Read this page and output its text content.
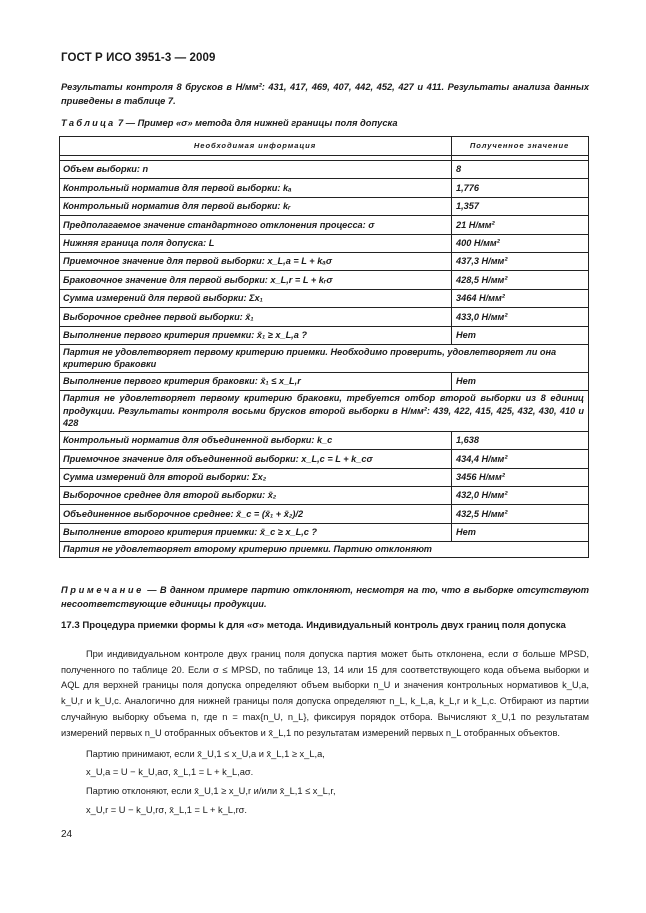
ГОСТ Р ИСО 3951-3 — 2009
Результаты контроля 8 брусков в Н/мм²: 431, 417, 469, 407, 442, 452, 427 и 411. Результаты анализа данных приведены в таблице 7.
Таблица 7 — Пример «σ» метода для нижней границы поля допуска
Необходимая информация	Полученное значение

Объем выборки: n	8
Контрольный норматив для первой выборки: kₐ	1,776
Контрольный норматив для первой выборки: kᵣ	1,357
Предполагаемое значение стандартного отклонения процесса: σ	21 Н/мм²
Нижняя граница поля допуска: L	400 Н/мм²
Приемочное значение для первой выборки: x_L,a = L + kₐσ	437,3 Н/мм²
Браковочное значение для первой выборки: x_L,r = L + kᵣσ	428,5 Н/мм²
Сумма измерений для первой выборки: Σx₁	3464 Н/мм²
Выборочное среднее первой выборки: x̄₁	433,0 Н/мм²
Выполнение первого критерия приемки: x̄₁ ≥ x_L,a ?	Нет
Партия не удовлетворяет первому критерию приемки. Необходимо проверить, удовлетворяет ли она критерию браковки	
Выполнение первого критерия браковки: x̄₁ ≤ x_L,r	Нет
Партия не удовлетворяет первому критерию браковки, требуется отбор второй выборки из 8 единиц продукции. Результаты контроля восьми брусков второй выборки в Н/мм²: 439, 422, 415, 425, 432, 430, 410 и 428	
Контрольный норматив для объединенной выборки: k_c	1,638
Приемочное значение для объединенной выборки: x_L,c = L + k_cσ	434,4 Н/мм²
Сумма измерений для второй выборки: Σx₂	3456 Н/мм²
Выборочное среднее для второй выборки: x̄₂	432,0 Н/мм²
Объединенное выборочное среднее: x̄_c = (x̄₁ + x̄₂)/2	432,5 Н/мм²
Выполнение второго критерия приемки: x̄_c ≥ x_L,c ?	Нет
Партия не удовлетворяет второму критерию приемки. Партию отклоняют	
Примечание — В данном примере партию отклоняют, несмотря на то, что в выборке отсутствуют несоответствующие единицы продукции.
17.3 Процедура приемки формы k для «σ» метода. Индивидуальный контроль двух границ поля допуска

При индивидуальном контроле двух границ поля допуска партия может быть отклонена, если σ больше MPSD, полученного по таблице 20. Если σ ≤ MPSD, по таблице 13, 14 или 15 для соответствующего кода объема выборки и AQL для верхней границы поля допуска определяют объем выборки n_U и значения контрольных нормативов k_U,a, k_U,r и k_U,c. Аналогично для нижней границы поля допуска определяют n_L, k_L,a, k_L,r и k_L,c. Отбирают из партии случайную выборку объема n, где n = max{n_U, n_L}, фиксируя порядок отбора. Вычисляют x̄_U,1 по результатам измерений первых n_U отобранных объектов и x̄_L,1 по результатам измерений первых n_L отобранных объектов.

Партию принимают, если x̄_U,1 ≤ x_U,a и x̄_L,1 ≥ x_L,a,
x_U,a = U − k_U,aσ, x̄_L,1 = L + k_L,aσ.
Партию отклоняют, если x̄_U,1 ≥ x_U,r и/или x̄_L,1 ≤ x_L,r,
x_U,r = U − k_U,rσ, x̄_L,1 = L + k_L,rσ.
24
